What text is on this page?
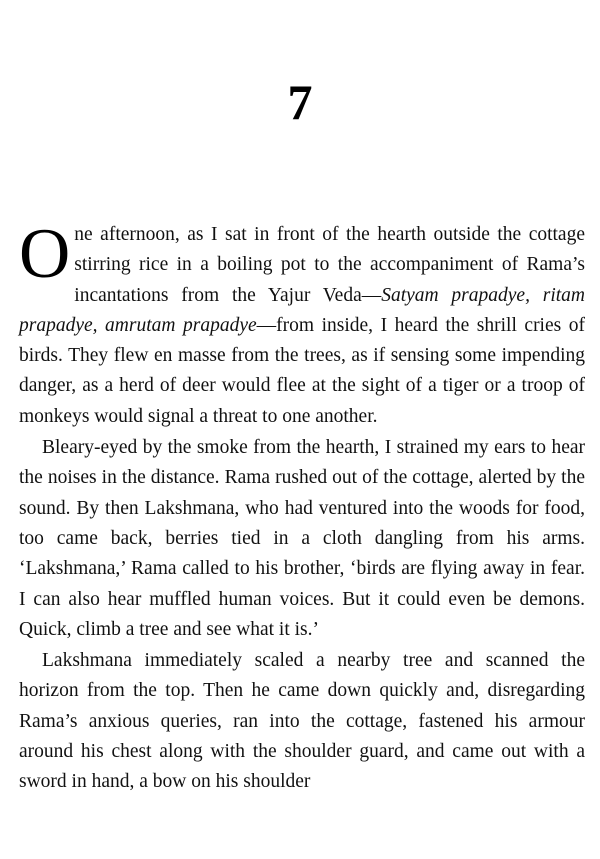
7

One afternoon, as I sat in front of the hearth outside the cottage stirring rice in a boiling pot to the accompaniment of Rama’s incantations from the Yajur Veda—Satyam prapadye, ritam prapadye, amrutam prapadye—from inside, I heard the shrill cries of birds. They flew en masse from the trees, as if sensing some impending danger, as a herd of deer would flee at the sight of a tiger or a troop of monkeys would signal a threat to one another.

Bleary-eyed by the smoke from the hearth, I strained my ears to hear the noises in the distance. Rama rushed out of the cottage, alerted by the sound. By then Lakshmana, who had ventured into the woods for food, too came back, berries tied in a cloth dangling from his arms. ‘Lakshmana,’ Rama called to his brother, ‘birds are flying away in fear. I can also hear muffled human voices. But it could even be demons. Quick, climb a tree and see what it is.’

Lakshmana immediately scaled a nearby tree and scanned the horizon from the top. Then he came down quickly and, disregarding Rama’s anxious queries, ran into the cottage, fastened his armour around his chest along with the shoulder guard, and came out with a sword in hand, a bow on his shoulder
